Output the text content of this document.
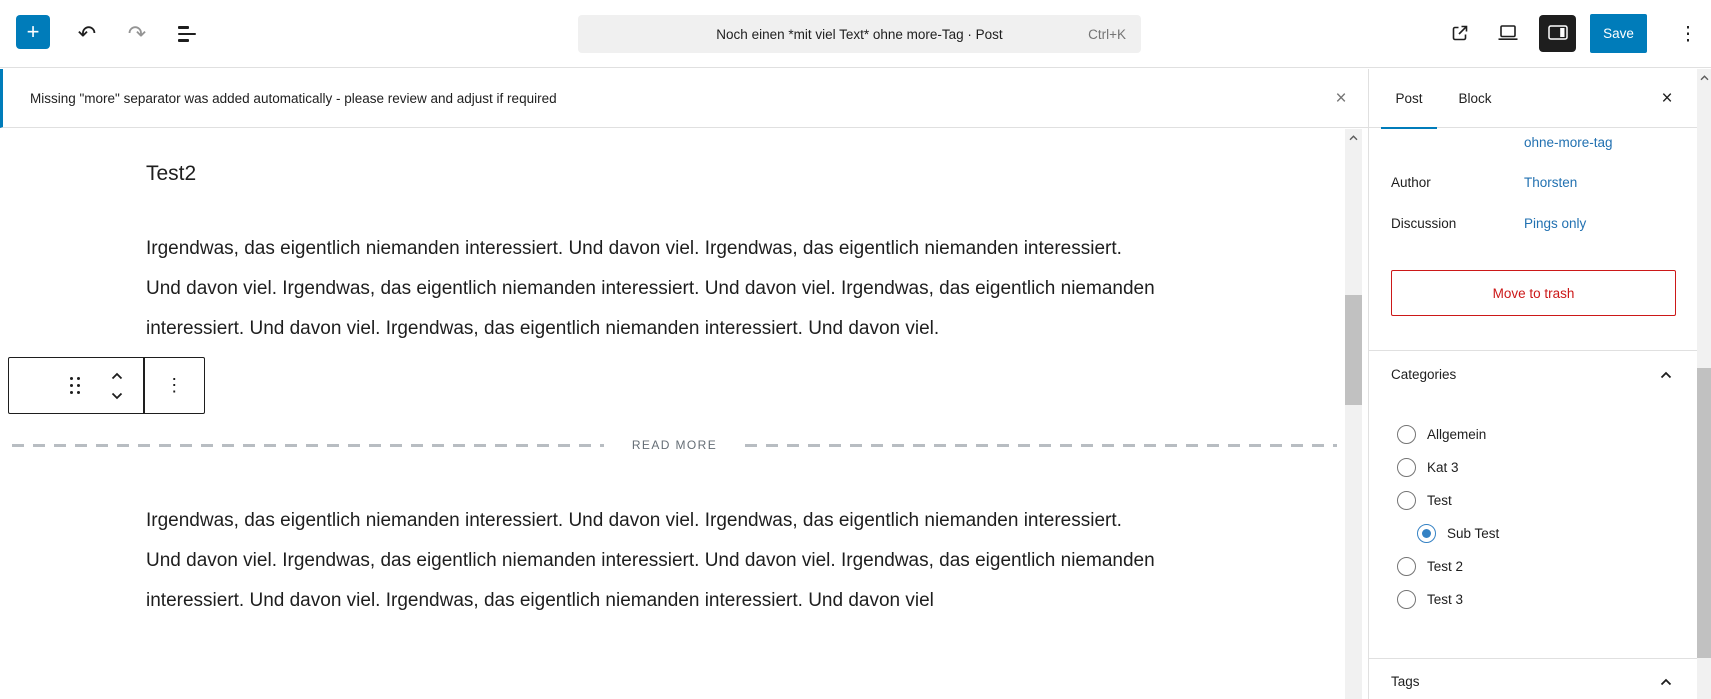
+	↶ ↷	Noch einen *mit viel Text* ohne more-Tag · Post	Ctrl+K	Save	⋮
Missing "more" separator was added automatically - please review and adjust if required	×
Test2

Irgendwas, das eigentlich niemanden interessiert. Und davon viel. Irgendwas, das eigentlich niemanden interessiert. Und davon viel. Irgendwas, das eigentlich niemanden interessiert. Und davon viel. Irgendwas, das eigentlich niemanden interessiert. Und davon viel. Irgendwas, das eigentlich niemanden interessiert. Und davon viel.

⋮
READ MORE

Irgendwas, das eigentlich niemanden interessiert. Und davon viel. Irgendwas, das eigentlich niemanden interessiert. Und davon viel. Irgendwas, das eigentlich niemanden interessiert. Und davon viel. Irgendwas, das eigentlich niemanden interessiert. Und davon viel. Irgendwas, das eigentlich niemanden interessiert. Und davon viel

Post	Block	×
ohne-more-tag
Author	Thorsten
Discussion	Pings only
Move to trash
Categories
Allgemein
Kat 3
Test
Sub Test
Test 2
Test 3
Tags
